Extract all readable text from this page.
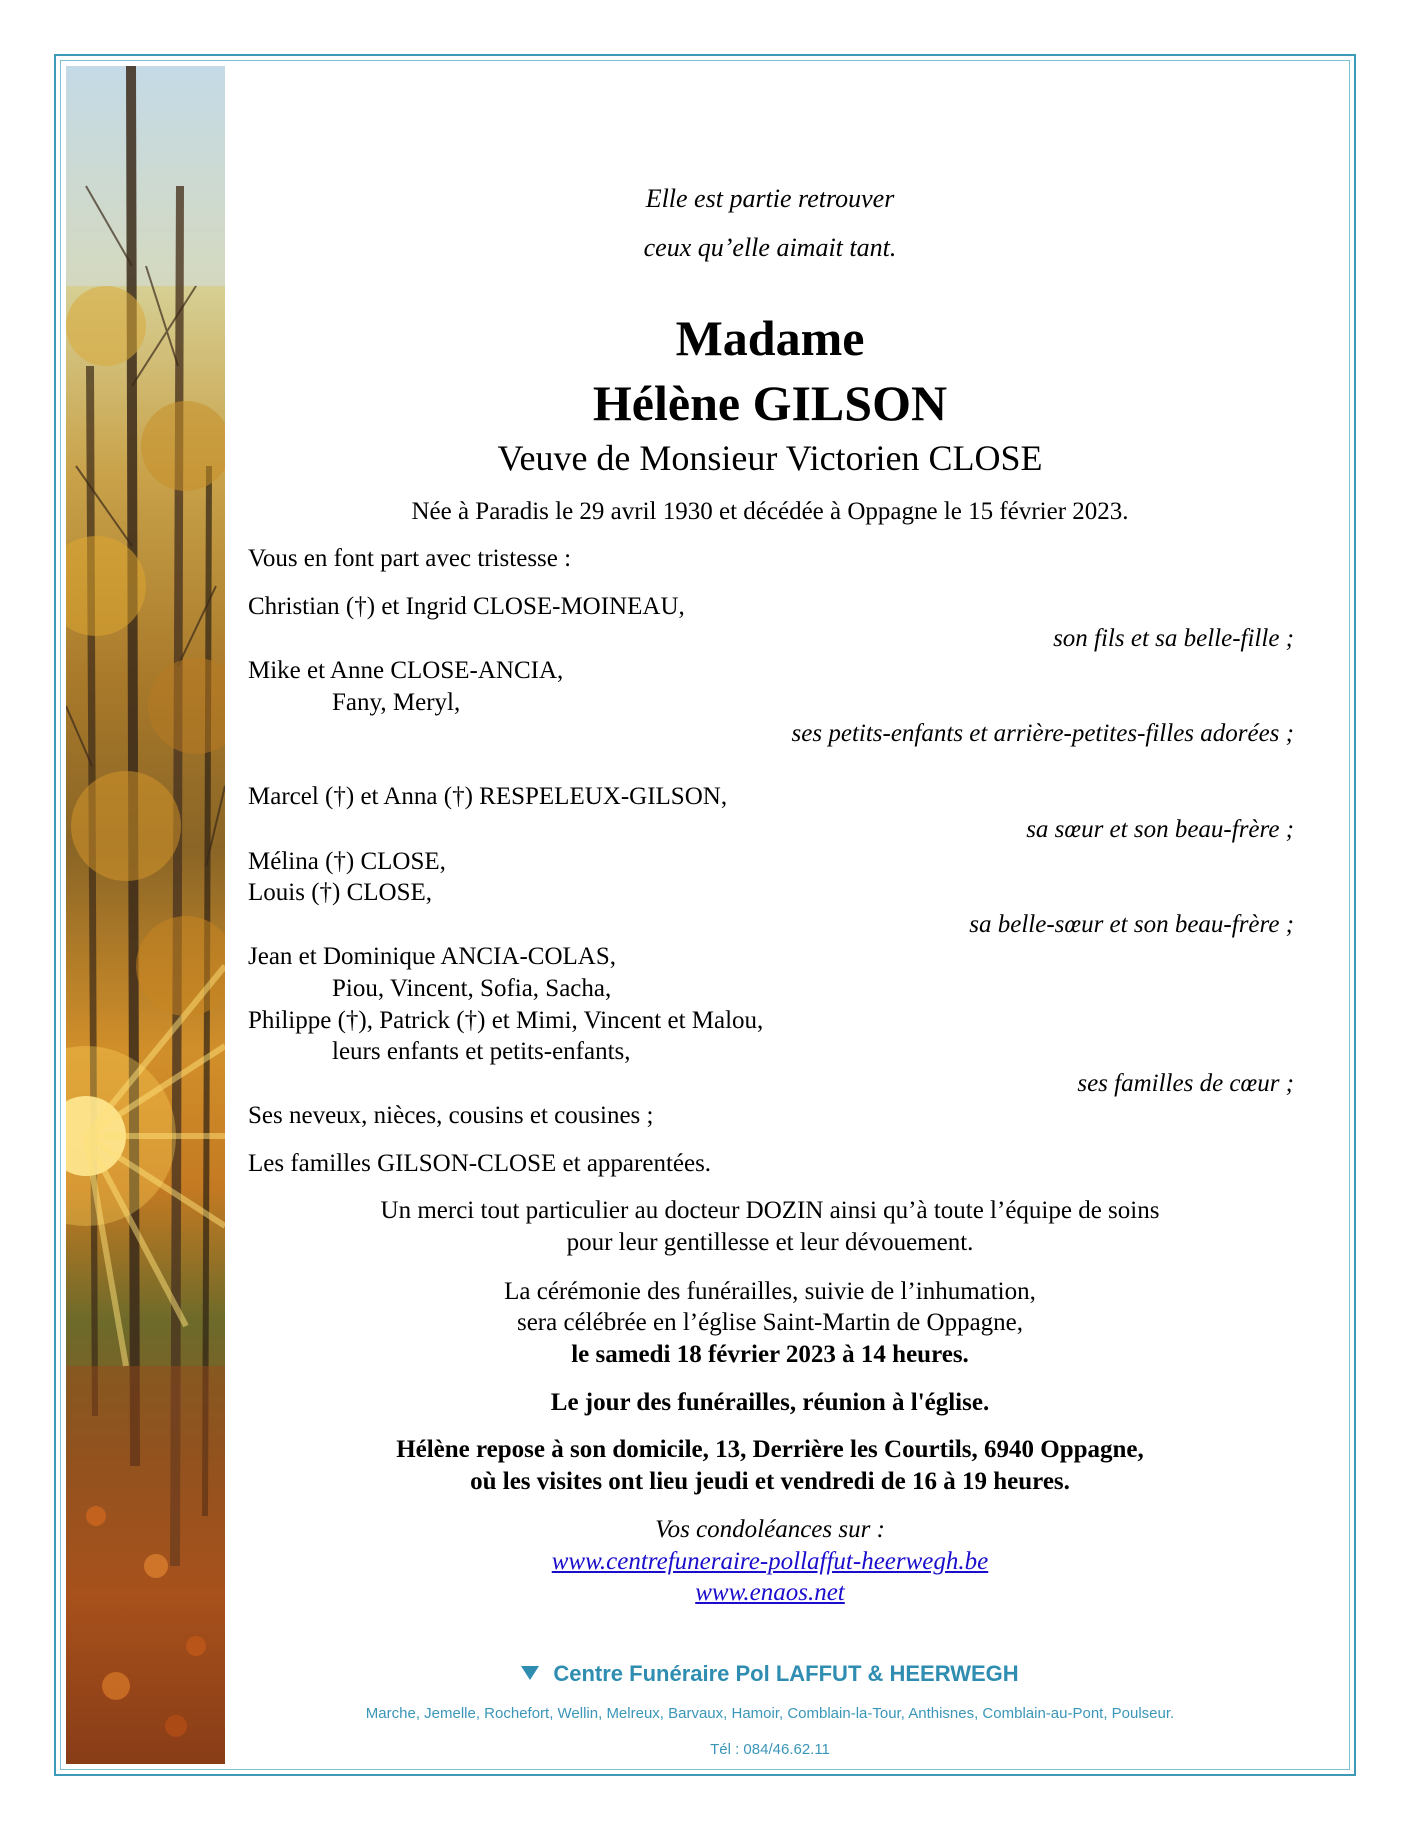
Elle est partie retrouver
ceux qu’elle aimait tant.
Madame
Hélène GILSON
Veuve de Monsieur Victorien CLOSE
Née à Paradis le 29 avril 1930 et décédée à Oppagne le 15 février 2023.
Vous en font part avec tristesse :
Christian (†) et Ingrid CLOSE-MOINEAU,
son fils et sa belle-fille ;
Mike et Anne CLOSE-ANCIA,
Fany, Meryl,
ses petits-enfants et arrière-petites-filles adorées ;
Marcel (†) et Anna (†) RESPELEUX-GILSON,
sa sœur et son beau-frère ;
Mélina (†) CLOSE,
Louis (†) CLOSE,
sa belle-sœur et son beau-frère ;
Jean et Dominique ANCIA-COLAS,
Piou, Vincent, Sofia, Sacha,
Philippe (†), Patrick (†) et Mimi, Vincent et Malou,
leurs enfants et petits-enfants,
ses familles de cœur ;
Ses neveux, nièces, cousins et cousines ;
Les familles GILSON-CLOSE et apparentées.
Un merci tout particulier au docteur DOZIN ainsi qu’à toute l’équipe de soins
pour leur gentillesse et leur dévouement.
La cérémonie des funérailles, suivie de l’inhumation,
sera célébrée en l’église Saint-Martin de Oppagne,
le samedi 18 février 2023 à 14 heures.
Le jour des funérailles, réunion à l'église.
Hélène repose à son domicile, 13, Derrière les Courtils, 6940 Oppagne,
où les visites ont lieu jeudi et vendredi de 16 à 19 heures.
Vos condoléances sur :
www.centrefuneraire-pollaffut-heerwegh.be
www.enaos.net
Centre Funéraire Pol LAFFUT & HEERWEGH
Marche, Jemelle, Rochefort, Wellin, Melreux, Barvaux, Hamoir, Comblain-la-Tour, Anthisnes, Comblain-au-Pont, Poulseur.
Tél : 084/46.62.11
